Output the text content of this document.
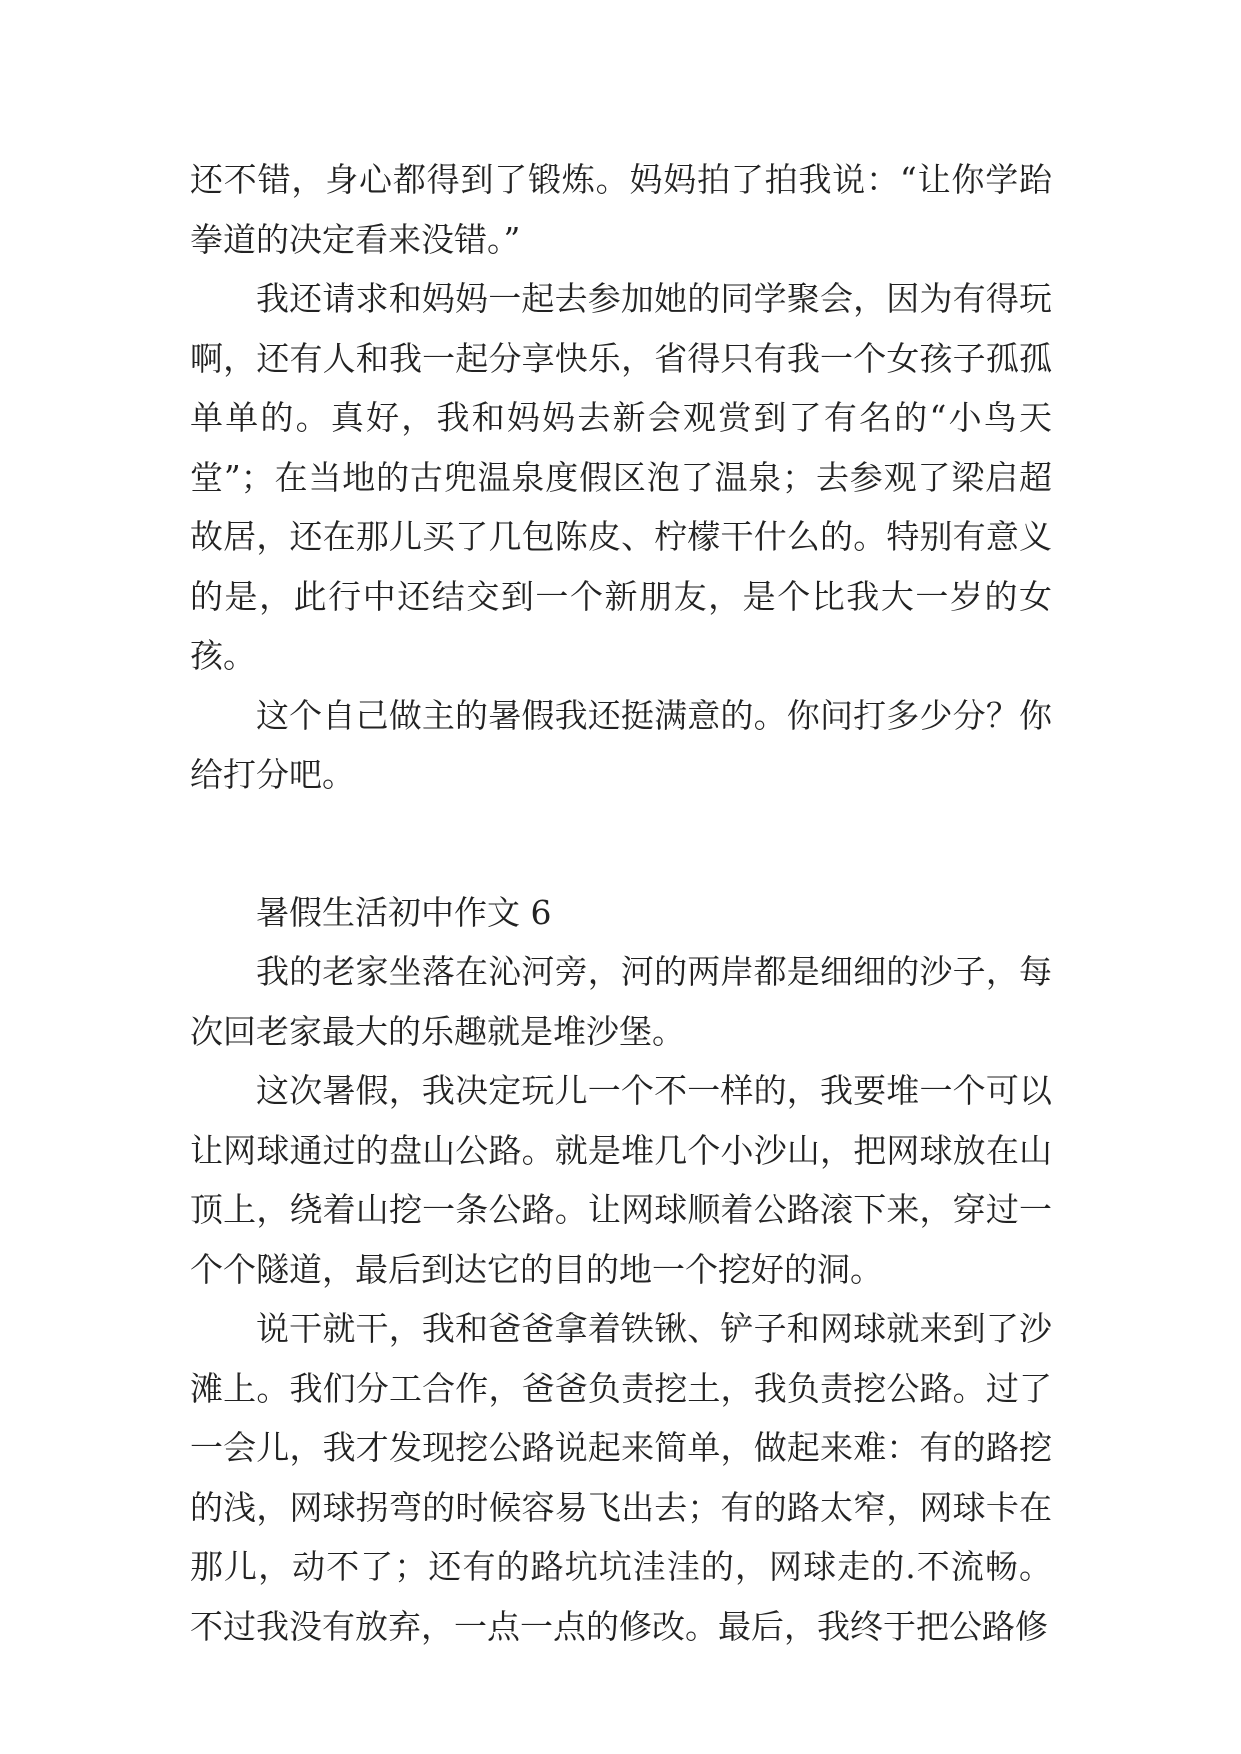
还不错，身心都得到了锻炼。妈妈拍了拍我说：“让你学跆拳道的决定看来没错。”

我还请求和妈妈一起去参加她的同学聚会，因为有得玩啊，还有人和我一起分享快乐，省得只有我一个女孩子孤孤单单的。真好，我和妈妈去新会观赏到了有名的“小鸟天堂”；在当地的古兜温泉度假区泡了温泉；去参观了梁启超故居，还在那儿买了几包陈皮、柠檬干什么的。特别有意义的是，此行中还结交到一个新朋友，是个比我大一岁的女孩。

这个自己做主的暑假我还挺满意的。你问打多少分？你给打分吧。

暑假生活初中作文 6

我的老家坐落在沁河旁，河的两岸都是细细的沙子，每次回老家最大的乐趣就是堆沙堡。

这次暑假，我决定玩儿一个不一样的，我要堆一个可以让网球通过的盘山公路。就是堆几个小沙山，把网球放在山顶上，绕着山挖一条公路。让网球顺着公路滚下来，穿过一个个隧道，最后到达它的目的地一个挖好的洞。

说干就干，我和爸爸拿着铁锹、铲子和网球就来到了沙滩上。我们分工合作，爸爸负责挖土，我负责挖公路。过了一会儿，我才发现挖公路说起来简单，做起来难：有的路挖的浅，网球拐弯的时候容易飞出去；有的路太窄，网球卡在那儿，动不了；还有的路坑坑洼洼的，网球走的.不流畅。不过我没有放弃，一点一点的修改。最后，我终于把公路修
